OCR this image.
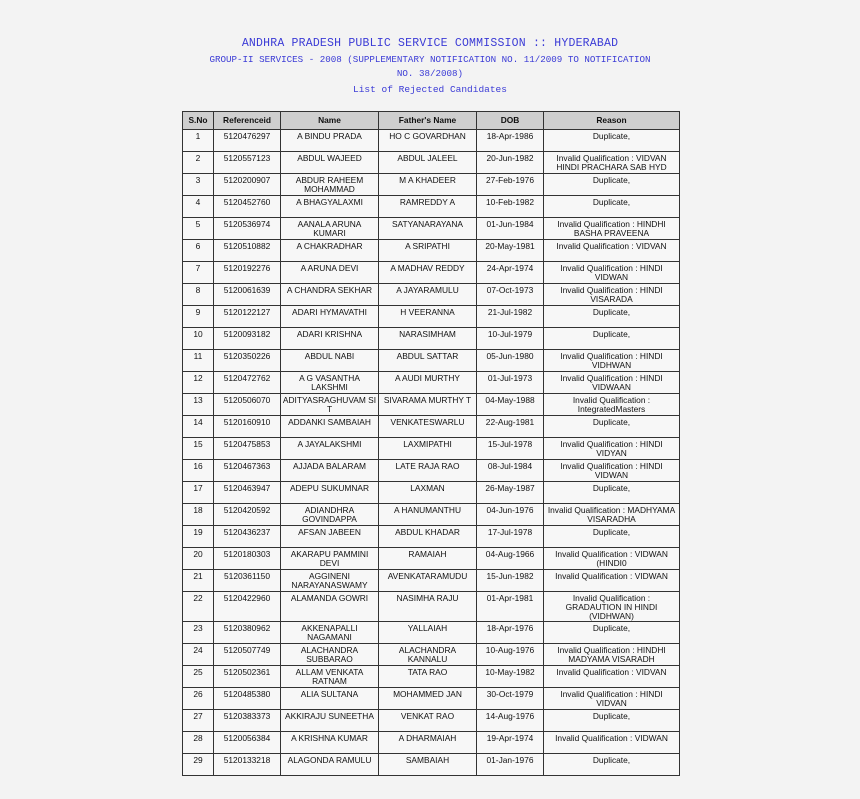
ANDHRA PRADESH PUBLIC SERVICE COMMISSION :: HYDERABAD
GROUP-II SERVICES - 2008 (SUPPLEMENTARY NOTIFICATION NO. 11/2009 TO NOTIFICATION
NO. 38/2008)
List of Rejected Candidates
S.No	Referenceid	Name	Father's Name	DOB	Reason
1	5120476297	A BINDU PRADA	HO C GOVARDHAN	18-Apr-1986	Duplicate,
2	5120557123	ABDUL WAJEED	ABDUL JALEEL	20-Jun-1982	Invalid Qualification : VIDVAN HINDI PRACHARA SAB HYD
3	5120200907	ABDUR RAHEEM MOHAMMAD	M A KHADEER	27-Feb-1976	Duplicate,
4	5120452760	A BHAGYALAXMI	RAMREDDY A	10-Feb-1982	Duplicate,
5	5120536974	AANALA ARUNA KUMARI	SATYANARAYANA	01-Jun-1984	Invalid Qualification : HINDHI BASHA PRAVEENA
6	5120510882	A CHAKRADHAR	A SRIPATHI	20-May-1981	Invalid Qualification : VIDVAN
7	5120192276	A ARUNA DEVI	A MADHAV REDDY	24-Apr-1974	Invalid Qualification : HINDI VIDWAN
8	5120061639	A CHANDRA SEKHAR	A JAYARAMULU	07-Oct-1973	Invalid Qualification : HINDI VISARADA
9	5120122127	ADARI HYMAVATHI	H VEERANNA	21-Jul-1982	Duplicate,
10	5120093182	ADARI KRISHNA	NARASIMHAM	10-Jul-1979	Duplicate,
11	5120350226	ABDUL NABI	ABDUL SATTAR	05-Jun-1980	Invalid Qualification : HINDI VIDHWAN
12	5120472762	A G VASANTHA LAKSHMI	A AUDI MURTHY	01-Jul-1973	Invalid Qualification : HINDI VIDWAAN
13	5120506070	ADITYASRAGHUVAM SI T	SIVARAMA MURTHY T	04-May-1988	Invalid Qualification : IntegratedMasters
14	5120160910	ADDANKI SAMBAIAH	VENKATESWARLU	22-Aug-1981	Duplicate,
15	5120475853	A JAYALAKSHMI	LAXMIPATHI	15-Jul-1978	Invalid Qualification : HINDI VIDYAN
16	5120467363	AJJADA BALARAM	LATE RAJA RAO	08-Jul-1984	Invalid Qualification : HINDI VIDWAN
17	5120463947	ADEPU SUKUMNAR	LAXMAN	26-May-1987	Duplicate,
18	5120420592	ADIANDHRA GOVINDAPPA	A HANUMANTHU	04-Jun-1976	Invalid Qualification : MADHYAMA VISARADHA
19	5120436237	AFSAN JABEEN	ABDUL KHADAR	17-Jul-1978	Duplicate,
20	5120180303	AKARAPU PAMMINI DEVI	RAMAIAH	04-Aug-1966	Invalid Qualification : VIDWAN (HINDI0
21	5120361150	AGGINENI NARAYANASWAMY	AVENKATARAMUDU	15-Jun-1982	Invalid Qualification : VIDWAN
22	5120422960	ALAMANDA GOWRI	NASIMHA RAJU	01-Apr-1981	Invalid Qualification : GRADAUTION IN HINDI (VIDHWAN)
23	5120380962	AKKENAPALLI NAGAMANI	YALLAIAH	18-Apr-1976	Duplicate,
24	5120507749	ALACHANDRA SUBBARAO	ALACHANDRA KANNALU	10-Aug-1976	Invalid Qualification : HINDHI MADYAMA VISARADH
25	5120502361	ALLAM VENKATA RATNAM	TATA RAO	10-May-1982	Invalid Qualification : VIDVAN
26	5120485380	ALIA SULTANA	MOHAMMED JAN	30-Oct-1979	Invalid Qualification : HINDI VIDVAN
27	5120383373	AKKIRAJU SUNEETHA	VENKAT RAO	14-Aug-1976	Duplicate,
28	5120056384	A KRISHNA KUMAR	A DHARMAIAH	19-Apr-1974	Invalid Qualification : VIDWAN
29	5120133218	ALAGONDA RAMULU	SAMBAIAH	01-Jan-1976	Duplicate,
